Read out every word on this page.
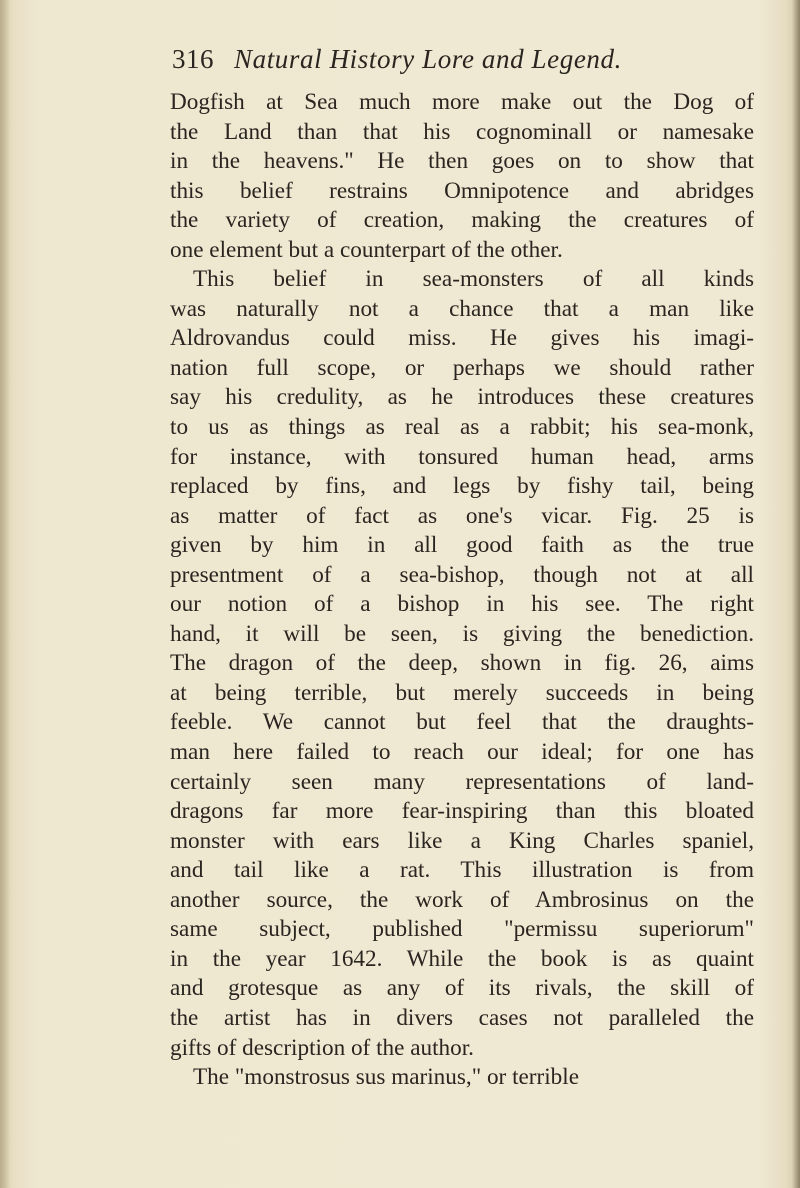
316 Natural History Lore and Legend.
Dogfish at Sea much more make out the Dog of
the Land than that his cognominall or namesake
in the heavens." He then goes on to show that
this belief restrains Omnipotence and abridges
the variety of creation, making the creatures of
one element but a counterpart of the other.
This belief in sea-monsters of all kinds
was naturally not a chance that a man like
Aldrovandus could miss. He gives his imagi-
nation full scope, or perhaps we should rather
say his credulity, as he introduces these creatures
to us as things as real as a rabbit; his sea-monk,
for instance, with tonsured human head, arms
replaced by fins, and legs by fishy tail, being
as matter of fact as one's vicar. Fig. 25 is
given by him in all good faith as the true
presentment of a sea-bishop, though not at all
our notion of a bishop in his see. The right
hand, it will be seen, is giving the benediction.
The dragon of the deep, shown in fig. 26, aims
at being terrible, but merely succeeds in being
feeble. We cannot but feel that the draughts-
man here failed to reach our ideal; for one has
certainly seen many representations of land-
dragons far more fear-inspiring than this bloated
monster with ears like a King Charles spaniel,
and tail like a rat. This illustration is from
another source, the work of Ambrosinus on the
same subject, published "permissu superiorum"
in the year 1642. While the book is as quaint
and grotesque as any of its rivals, the skill of
the artist has in divers cases not paralleled the
gifts of description of the author.
The "monstrosus sus marinus," or terrible
